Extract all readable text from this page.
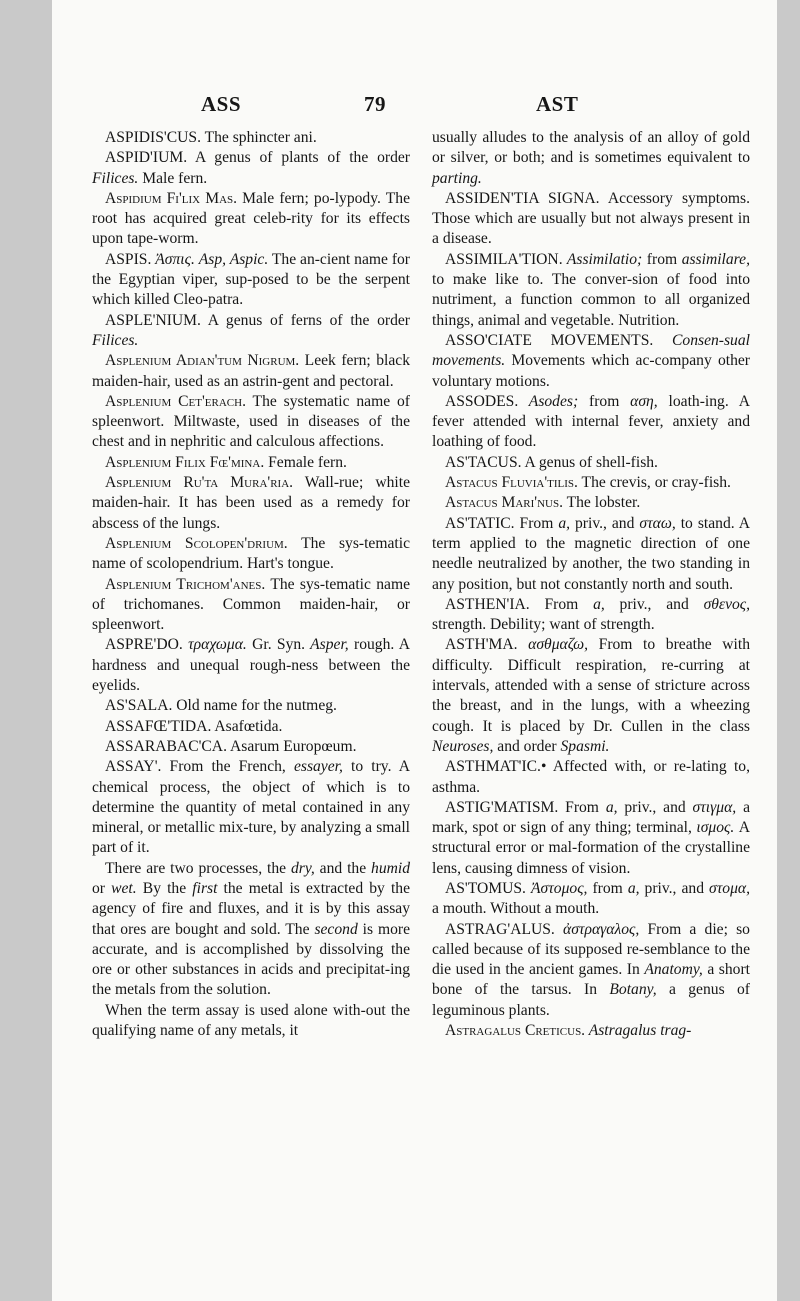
ASS	79	AST

ASPIDIS'CUS. The sphincter ani.

ASPID'IUM. A genus of plants of the order Filices. Male fern.

Aspidium Fi'lix Mas. Male fern; po-lypody. The root has acquired great celeb-rity for its effects upon tape-worm.

ASPIS. Ἀσπις. Asp, Aspic. The an-cient name for the Egyptian viper, sup-posed to be the serpent which killed Cleo-patra.

ASPLE'NIUM. A genus of ferns of the order Filices.

Asplenium Adian'tum Nigrum. Leek fern; black maiden-hair, used as an astrin-gent and pectoral.

Asplenium Cet'erach. The systematic name of spleenwort. Miltwaste, used in diseases of the chest and in nephritic and calculous affections.

Asplenium Filix Fœ'mina. Female fern.

Asplenium Ru'ta Mura'ria. Wall-rue; white maiden-hair. It has been used as a remedy for abscess of the lungs.

Asplenium Scolopen'drium. The sys-tematic name of scolopendrium. Hart's tongue.

Asplenium Trichom'anes. The sys-tematic name of trichomanes. Common maiden-hair, or spleenwort.

ASPRE'DO. τραχωμα. Gr. Syn. Asper, rough. A hardness and unequal rough-ness between the eyelids.

AS'SALA. Old name for the nutmeg.

ASSAFŒ'TIDA. Asafœtida.

ASSARABAC'CA. Asarum Europœum.

ASSAY'. From the French, essayer, to try. A chemical process, the object of which is to determine the quantity of metal contained in any mineral, or metallic mix-ture, by analyzing a small part of it.

There are two processes, the dry, and the humid or wet. By the first the metal is extracted by the agency of fire and fluxes, and it is by this assay that ores are bought and sold. The second is more accurate, and is accomplished by dissolving the ore or other substances in acids and precipitat-ing the metals from the solution.

When the term assay is used alone with-out the qualifying name of any metals, it

usually alludes to the analysis of an alloy of gold or silver, or both; and is sometimes equivalent to parting.

ASSIDEN'TIA SIGNA. Accessory symptoms. Those which are usually but not always present in a disease.

ASSIMILA'TION. Assimilatio; from assimilare, to make like to. The conver-sion of food into nutriment, a function common to all organized things, animal and vegetable. Nutrition.

ASSO'CIATE MOVEMENTS. Consen-sual movements. Movements which ac-company other voluntary motions.

ASSODES. Asodes; from αση, loath-ing. A fever attended with internal fever, anxiety and loathing of food.

AS'TACUS. A genus of shell-fish.

Astacus Fluvia'tilis. The crevis, or cray-fish.

Astacus Mari'nus. The lobster.

AS'TATIC. From a, priv., and σταω, to stand. A term applied to the magnetic direction of one needle neutralized by another, the two standing in any position, but not constantly north and south.

ASTHEN'IA. From a, priv., and σθενος, strength. Debility; want of strength.

ASTH'MA. ασθμαζω, From to breathe with difficulty. Difficult respiration, re-curring at intervals, attended with a sense of stricture across the breast, and in the lungs, with a wheezing cough. It is placed by Dr. Cullen in the class Neuroses, and order Spasmi.

ASTHMAT'IC.• Affected with, or re-lating to, asthma.

ASTIG'MATISM. From a, priv., and στιγμα, a mark, spot or sign of any thing; terminal, ισμος. A structural error or mal-formation of the crystalline lens, causing dimness of vision.

AS'TOMUS. Ἀστομος, from a, priv., and στομα, a mouth. Without a mouth.

ASTRAG'ALUS. ἀστραγαλος, From a die; so called because of its supposed re-semblance to the die used in the ancient games. In Anatomy, a short bone of the tarsus. In Botany, a genus of leguminous plants.

Astragalus Creticus. Astragalus trag-
